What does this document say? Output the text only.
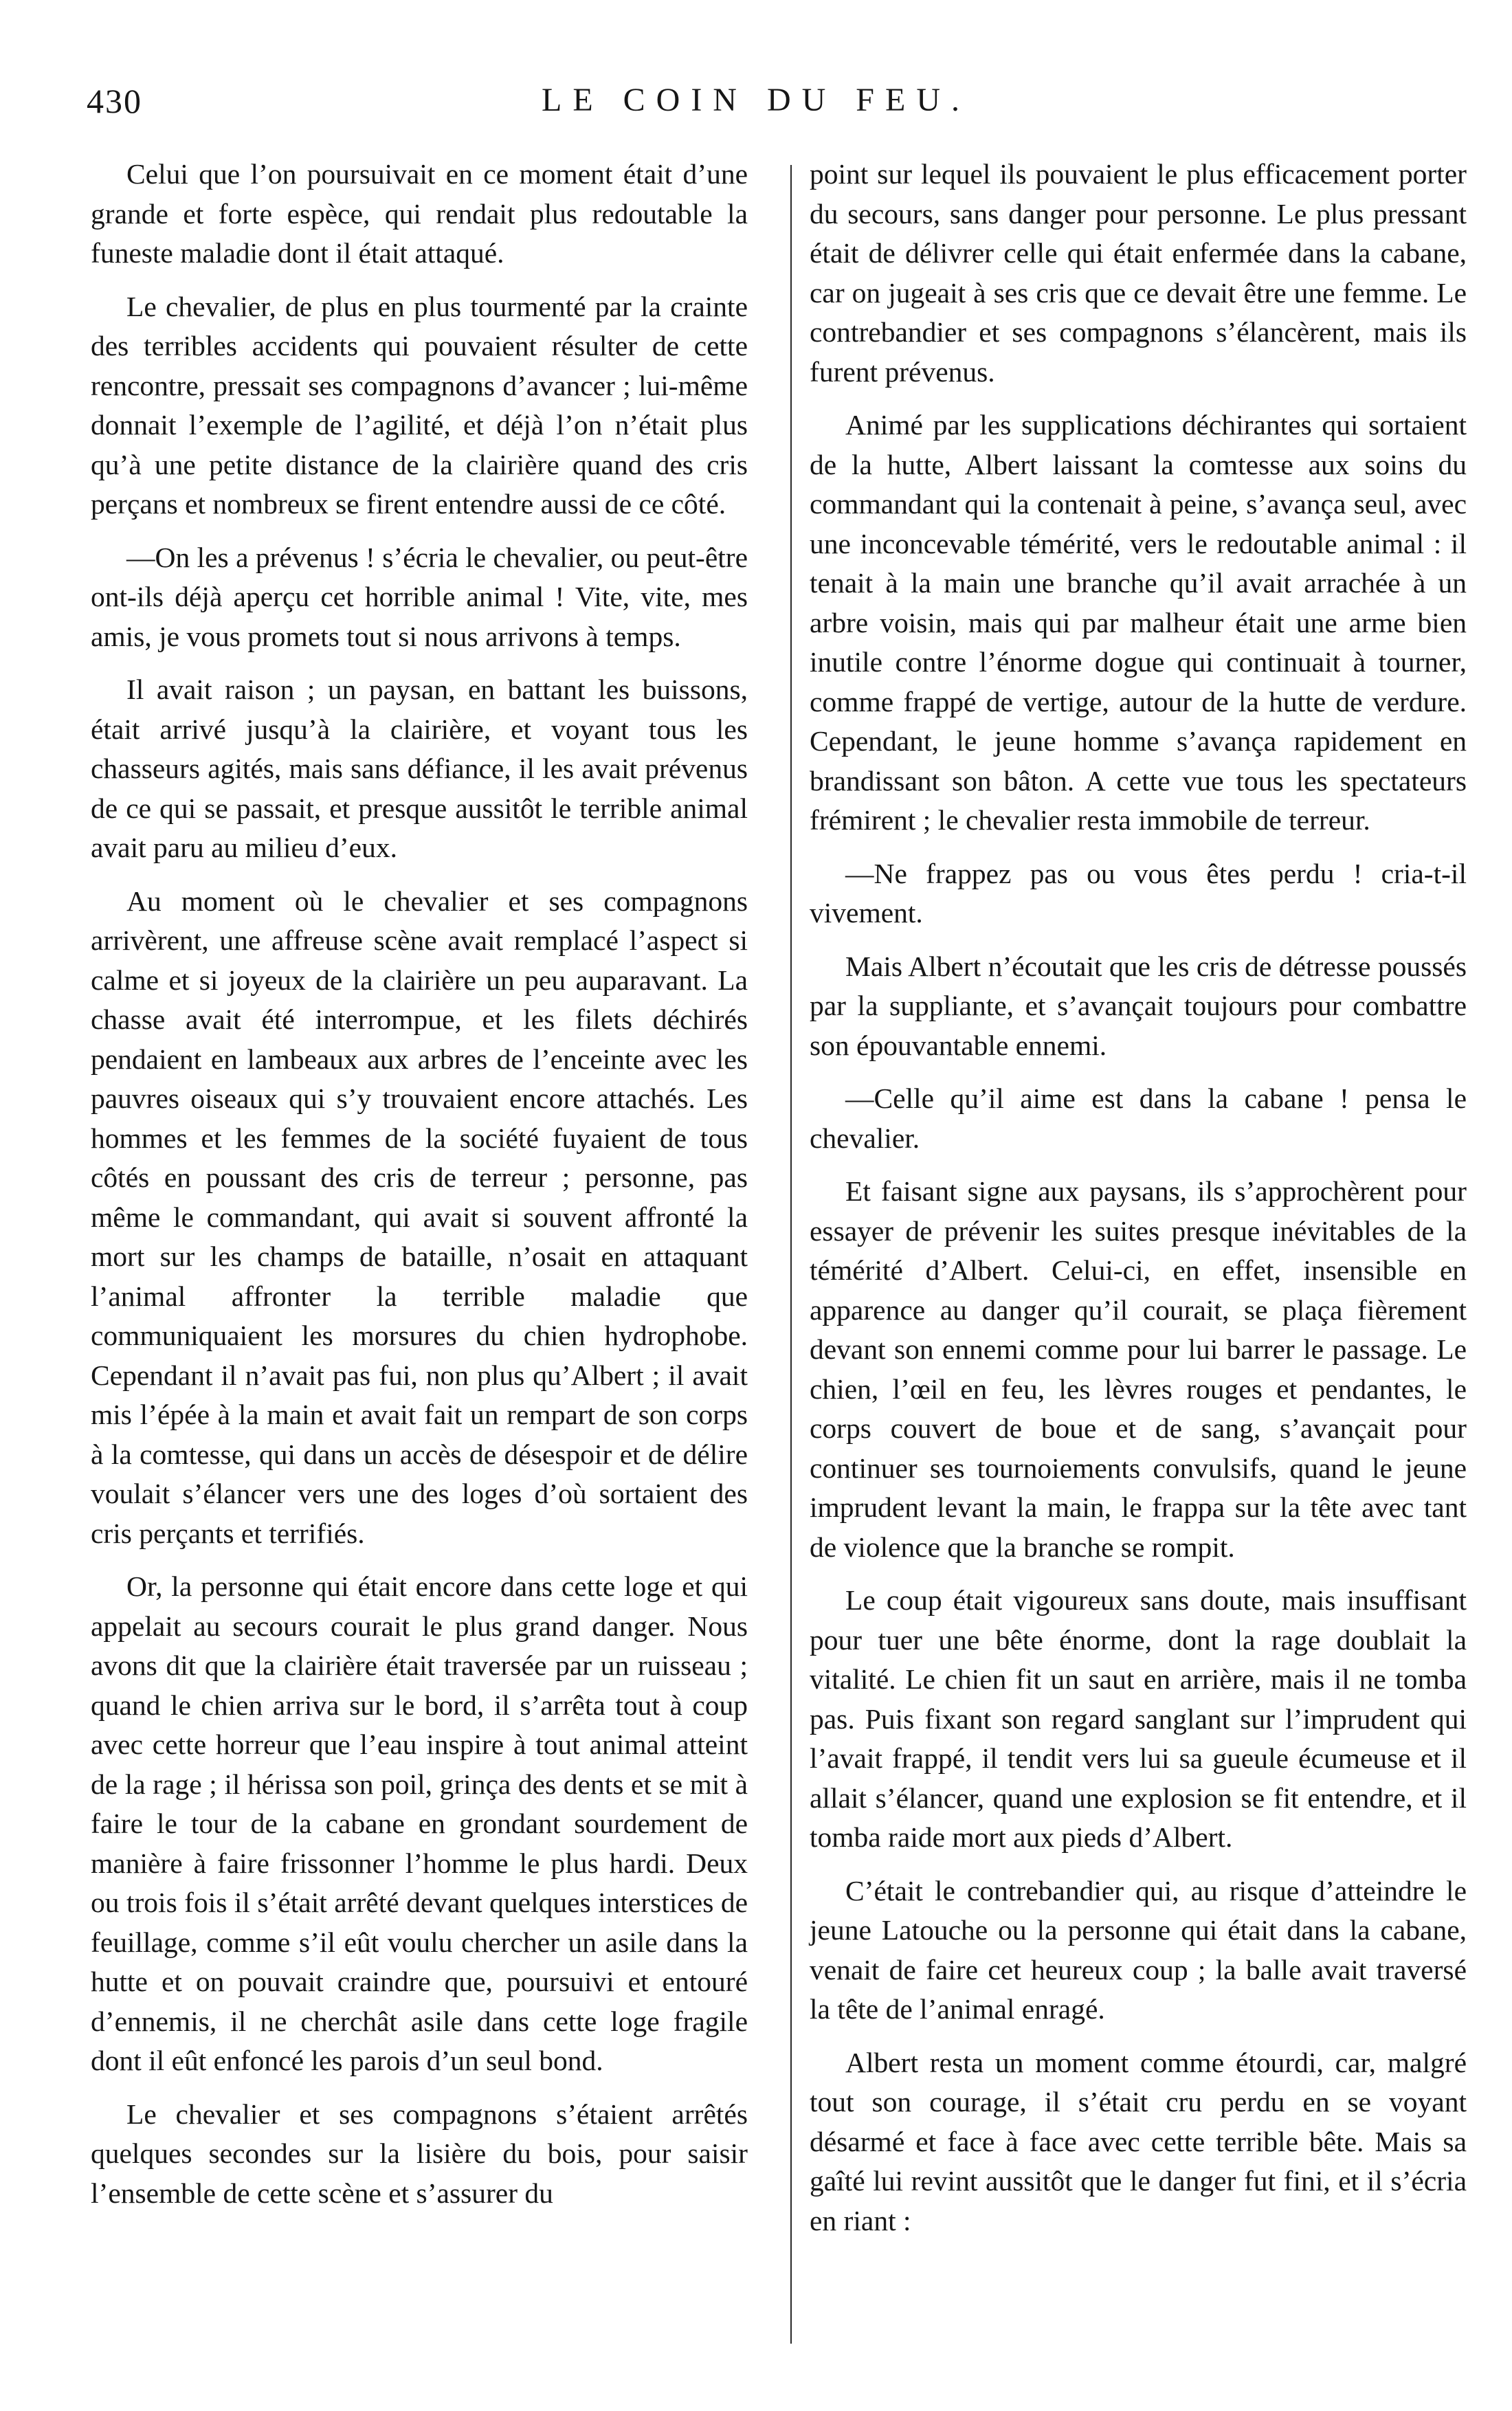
430	LE COIN DU FEU.

Celui que l’on poursuivait en ce moment était d’une grande et forte espèce, qui rendait plus redoutable la funeste maladie dont il était attaqué.

Le chevalier, de plus en plus tourmenté par la crainte des terribles accidents qui pouvaient résulter de cette rencontre, pressait ses compagnons d’avancer ; lui-même donnait l’exemple de l’agilité, et déjà l’on n’était plus qu’à une petite distance de la clairière quand des cris perçans et nombreux se firent entendre aussi de ce côté.

—On les a prévenus ! s’écria le chevalier, ou peut-être ont-ils déjà aperçu cet horrible animal ! Vite, vite, mes amis, je vous promets tout si nous arrivons à temps.

Il avait raison ; un paysan, en battant les buissons, était arrivé jusqu’à la clairière, et voyant tous les chasseurs agités, mais sans défiance, il les avait prévenus de ce qui se passait, et presque aussitôt le terrible animal avait paru au milieu d’eux.

Au moment où le chevalier et ses compagnons arrivèrent, une affreuse scène avait remplacé l’aspect si calme et si joyeux de la clairière un peu auparavant. La chasse avait été interrompue, et les filets déchirés pendaient en lambeaux aux arbres de l’enceinte avec les pauvres oiseaux qui s’y trouvaient encore attachés. Les hommes et les femmes de la société fuyaient de tous côtés en poussant des cris de terreur ; personne, pas même le commandant, qui avait si souvent affronté la mort sur les champs de bataille, n’osait en attaquant l’animal affronter la terrible maladie que communiquaient les morsures du chien hydrophobe. Cependant il n’avait pas fui, non plus qu’Albert ; il avait mis l’épée à la main et avait fait un rempart de son corps à la comtesse, qui dans un accès de désespoir et de délire voulait s’élancer vers une des loges d’où sortaient des cris perçants et terrifiés.

Or, la personne qui était encore dans cette loge et qui appelait au secours courait le plus grand danger. Nous avons dit que la clairière était traversée par un ruisseau ; quand le chien arriva sur le bord, il s’arrêta tout à coup avec cette horreur que l’eau inspire à tout animal atteint de la rage ; il hérissa son poil, grinça des dents et se mit à faire le tour de la cabane en grondant sourdement de manière à faire frissonner l’homme le plus hardi. Deux ou trois fois il s’était arrêté devant quelques interstices de feuillage, comme s’il eût voulu chercher un asile dans la hutte et on pouvait craindre que, poursuivi et entouré d’ennemis, il ne cherchât asile dans cette loge fragile dont il eût enfoncé les parois d’un seul bond.

Le chevalier et ses compagnons s’étaient arrêtés quelques secondes sur la lisière du bois, pour saisir l’ensemble de cette scène et s’assurer du

point sur lequel ils pouvaient le plus efficacement porter du secours, sans danger pour personne. Le plus pressant était de délivrer celle qui était enfermée dans la cabane, car on jugeait à ses cris que ce devait être une femme. Le contrebandier et ses compagnons s’élancèrent, mais ils furent prévenus.

Animé par les supplications déchirantes qui sortaient de la hutte, Albert laissant la comtesse aux soins du commandant qui la contenait à peine, s’avança seul, avec une inconcevable témérité, vers le redoutable animal : il tenait à la main une branche qu’il avait arrachée à un arbre voisin, mais qui par malheur était une arme bien inutile contre l’énorme dogue qui continuait à tourner, comme frappé de vertige, autour de la hutte de verdure. Cependant, le jeune homme s’avança rapidement en brandissant son bâton. A cette vue tous les spectateurs frémirent ; le chevalier resta immobile de terreur.

—Ne frappez pas ou vous êtes perdu ! cria-t-il vivement.

Mais Albert n’écoutait que les cris de détresse poussés par la suppliante, et s’avançait toujours pour combattre son épouvantable ennemi.

—Celle qu’il aime est dans la cabane ! pensa le chevalier.

Et faisant signe aux paysans, ils s’approchèrent pour essayer de prévenir les suites presque inévitables de la témérité d’Albert. Celui-ci, en effet, insensible en apparence au danger qu’il courait, se plaça fièrement devant son ennemi comme pour lui barrer le passage. Le chien, l’œil en feu, les lèvres rouges et pendantes, le corps couvert de boue et de sang, s’avançait pour continuer ses tournoiements convulsifs, quand le jeune imprudent levant la main, le frappa sur la tête avec tant de violence que la branche se rompit.

Le coup était vigoureux sans doute, mais insuffisant pour tuer une bête énorme, dont la rage doublait la vitalité. Le chien fit un saut en arrière, mais il ne tomba pas. Puis fixant son regard sanglant sur l’imprudent qui l’avait frappé, il tendit vers lui sa gueule écumeuse et il allait s’élancer, quand une explosion se fit entendre, et il tomba raide mort aux pieds d’Albert.

C’était le contrebandier qui, au risque d’atteindre le jeune Latouche ou la personne qui était dans la cabane, venait de faire cet heureux coup ; la balle avait traversé la tête de l’animal enragé.

Albert resta un moment comme étourdi, car, malgré tout son courage, il s’était cru perdu en se voyant désarmé et face à face avec cette terrible bête. Mais sa gaîté lui revint aussitôt que le danger fut fini, et il s’écria en riant :
